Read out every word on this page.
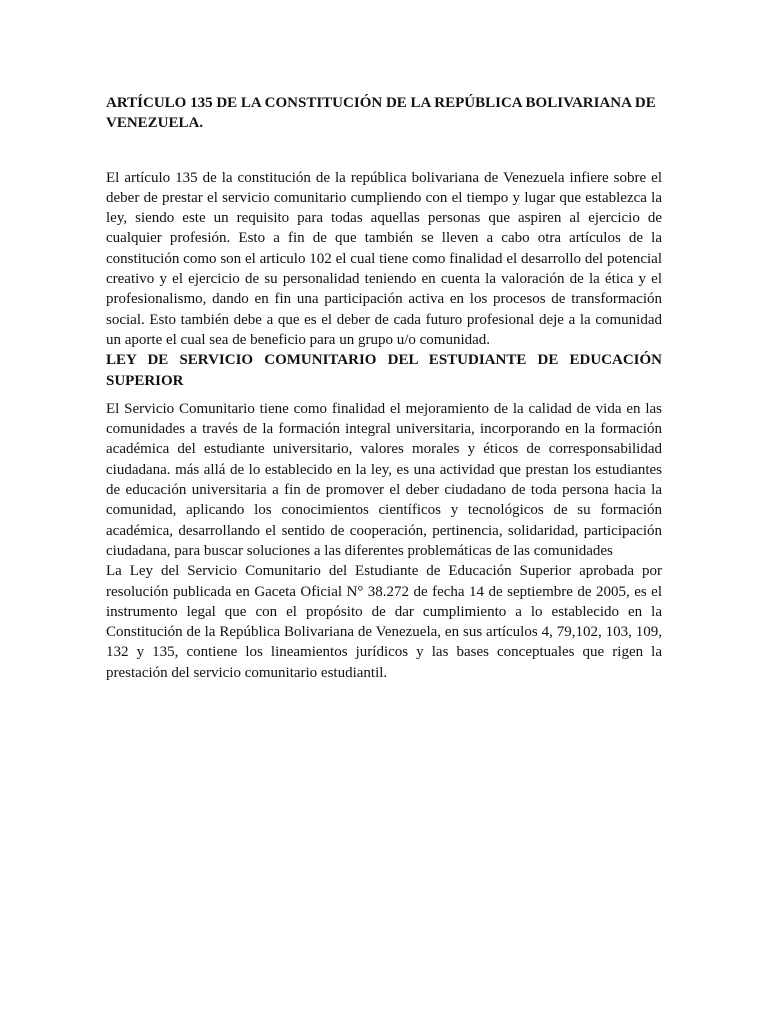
ARTÍCULO 135 DE LA CONSTITUCIÓN DE LA REPÚBLICA BOLIVARIANA DE VENEZUELA.

El artículo 135 de la constitución de la república bolivariana de Venezuela infiere sobre el deber de prestar el servicio comunitario cumpliendo con el tiempo y lugar que establezca la ley, siendo este un requisito para todas aquellas personas que aspiren al ejercicio de cualquier profesión. Esto a fin de que también se lleven a cabo otra artículos de la constitución como son el articulo 102 el cual tiene como finalidad el desarrollo del potencial creativo y el ejercicio de su personalidad teniendo en cuenta la valoración de la ética y el profesionalismo, dando en fin una participación activa en los procesos de transformación social. Esto también debe a que es el deber de cada futuro profesional deje a la comunidad un aporte el cual sea de beneficio para un grupo u/o comunidad.

LEY DE SERVICIO COMUNITARIO DEL ESTUDIANTE DE EDUCACIÓN SUPERIOR

El Servicio Comunitario tiene como finalidad el mejoramiento de la calidad de vida en las comunidades a través de la formación integral universitaria, incorporando en la formación académica del estudiante universitario, valores morales y éticos de corresponsabilidad ciudadana. más allá de lo establecido en la ley, es una actividad que prestan los estudiantes de educación universitaria a fin de promover el deber ciudadano de toda persona hacia la comunidad, aplicando los conocimientos científicos y tecnológicos de su formación académica, desarrollando el sentido de cooperación, pertinencia, solidaridad, participación ciudadana, para buscar soluciones a las diferentes problemáticas de las comunidades

La Ley del Servicio Comunitario del Estudiante de Educación Superior aprobada por resolución publicada en Gaceta Oficial N° 38.272 de fecha 14 de septiembre de 2005, es el instrumento legal que con el propósito de dar cumplimiento a lo establecido en la Constitución de la República Bolivariana de Venezuela, en sus artículos 4, 79,102, 103, 109, 132 y 135, contiene los lineamientos jurídicos y las bases conceptuales que rigen la prestación del servicio comunitario estudiantil.
